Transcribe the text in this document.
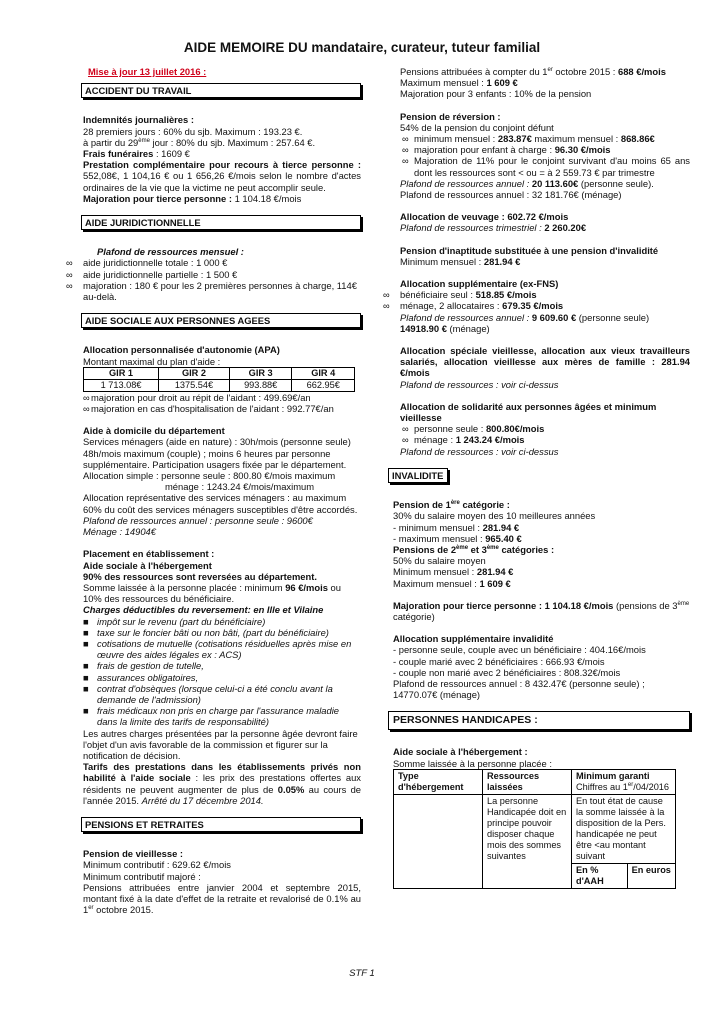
AIDE MEMOIRE DU mandataire, curateur, tuteur familial
Mise à jour 13 juillet 2016 :
ACCIDENT DU TRAVAIL

Indemnités journalières :

28 premiers jours : 60% du sjb. Maximum : 193.23 €.

à partir du 29ème jour : 80% du sjb. Maximum : 257.64 €.

Frais funéraires : 1609 €

Prestation complémentaire pour recours à tierce personne : 552,08€, 1 104,16 € ou 1 656,26 €/mois selon le nombre d'actes ordinaires de la vie que la victime ne peut accomplir seule.

Majoration pour tierce personne : 1 104.18 €/mois

AIDE JURIDICTIONNELLE

Plafond de ressources mensuel :

∞ aide juridictionnelle totale : 1 000 €
∞ aide juridictionnelle partielle : 1 500 €
∞ majoration : 180 € pour les 2 premières personnes à charge, 114€ au-delà.
AIDE SOCIALE AUX PERSONNES AGEES

Allocation personnalisée d'autonomie (APA)

Montant maximal du plan d'aide :

GIR 1	GIR 2	GIR 3	GIR 4
1 713.08€	1375.54€	993.88€	662.95€
∞ majoration pour droit au répit de l'aidant : 499.69€/an
∞ majoration en cas d'hospitalisation de l'aidant : 992.77€/an

Aide à domicile du département

Services ménagers (aide en nature) : 30h/mois (personne seule) 48h/mois maximum (couple) ; moins 6 heures par personne supplémentaire. Participation usagers fixée par le département.

Allocation simple : personne seule : 800.80 €/mois maximum

ménage : 1243.24 €/mois/maximum

Allocation représentative des services ménagers : au maximum 60% du coût des services ménagers susceptibles d'être accordés.

Plafond de ressources annuel : personne seule : 9600€

Ménage : 14904€

Placement en établissement :

Aide sociale à l'hébergement

90% des ressources sont reversées au département.

Somme laissée à la personne placée : minimum 96 €/mois ou 10% des ressources du bénéficiaire.

Charges déductibles du reversement: en Ille et Vilaine

■ impôt sur le revenu (part du bénéficiaire)
■ taxe sur le foncier bâti ou non bâti, (part du bénéficiaire)
■ cotisations de mutuelle (cotisations résiduelles après mise en œuvre des aides légales ex : ACS)
■ frais de gestion de tutelle,
■ assurances obligatoires,
■ contrat d'obsèques (lorsque celui-ci a été conclu avant la demande de l'admission)
■ frais médicaux non pris en charge par l'assurance maladie dans la limite des tarifs de responsabilité)

Les autres charges présentées par la personne âgée devront faire l'objet d'un avis favorable de la commission et figurer sur la notification de décision.

Tarifs des prestations dans les établissements privés non habilité à l'aide sociale : les prix des prestations offertes aux résidents ne peuvent augmenter de plus de 0.05% au cours de l'année 2015. Arrêté du 17 décembre 2014.

PENSIONS ET RETRAITES

Pension de vieillesse :

Minimum contributif : 629.62 €/mois

Minimum contributif majoré :

Pensions attribuées entre janvier 2004 et septembre 2015, montant fixé à la date d'effet de la retraite et revalorisé de 0.1% au 1er octobre 2015.

Pensions attribuées à compter du 1er octobre 2015 : 688 €/mois

Maximum mensuel : 1 609 €

Majoration pour 3 enfants : 10% de la pension

Pension de réversion :

54% de la pension du conjoint défunt

∞ minimum mensuel : 283.87€ maximum mensuel : 868.86€
∞ majoration pour enfant à charge : 96.30 €/mois
∞ Majoration de 11% pour le conjoint survivant d'au moins 65 ans dont les ressources sont < ou = à 2 559.73 € par trimestre

Plafond de ressources annuel : 20 113.60€ (personne seule).

Plafond de ressources annuel : 32 181.76€ (ménage)

Allocation de veuvage : 602.72 €/mois

Plafond de ressources trimestriel : 2 260.20€

Pension d'inaptitude substituée à une pension d'invalidité

Minimum mensuel : 281.94 €

Allocation supplémentaire (ex-FNS)

∞ bénéficiaire seul : 518.85 €/mois
∞ ménage, 2 allocataires : 679.35 €/mois

Plafond de ressources annuel : 9 609.60 € (personne seule) 14918.90 € (ménage)

Allocation spéciale vieillesse, allocation aux vieux travailleurs salariés, allocation vieillesse aux mères de famille : 281.94 €/mois

Plafond de ressources : voir ci-dessus

Allocation de solidarité aux personnes âgées et minimum vieillesse

∞ personne seule : 800.80€/mois
∞ ménage : 1 243.24 €/mois

Plafond de ressources : voir ci-dessus

INVALIDITE

Pension de 1ère catégorie :

30% du salaire moyen des 10 meilleures années

- minimum mensuel : 281.94 €

- maximum mensuel : 965.40 €

Pensions de 2ème et 3ème catégories :

50% du salaire moyen

Minimum mensuel : 281.94 €

Maximum mensuel : 1 609 €

Majoration pour tierce personne : 1 104.18 €/mois (pensions de 3ème catégorie)

Allocation supplémentaire invalidité

- personne seule, couple avec un bénéficiaire : 404.16€/mois

- couple marié avec 2 bénéficiaires : 666.93 €/mois

- couple non marié avec 2 bénéficiaires : 808.32€/mois

Plafond de ressources annuel : 8 432.47€ (personne seule) ; 14770.07€ (ménage)

PERSONNES HANDICAPES :

Aide sociale à l'hébergement :

Somme laissée à la personne placée :

Type d'hébergement	Ressources laissées	Minimum garanti
Chiffres au 1er/04/2016	
	La personne Handicapée doit en principe pouvoir disposer chaque mois des sommes suivantes	En tout état de cause la somme laissée à la disposition de la Pers. handicapée ne peut être <au montant suivant	
		En % d'AAH	En euros
STF 1
